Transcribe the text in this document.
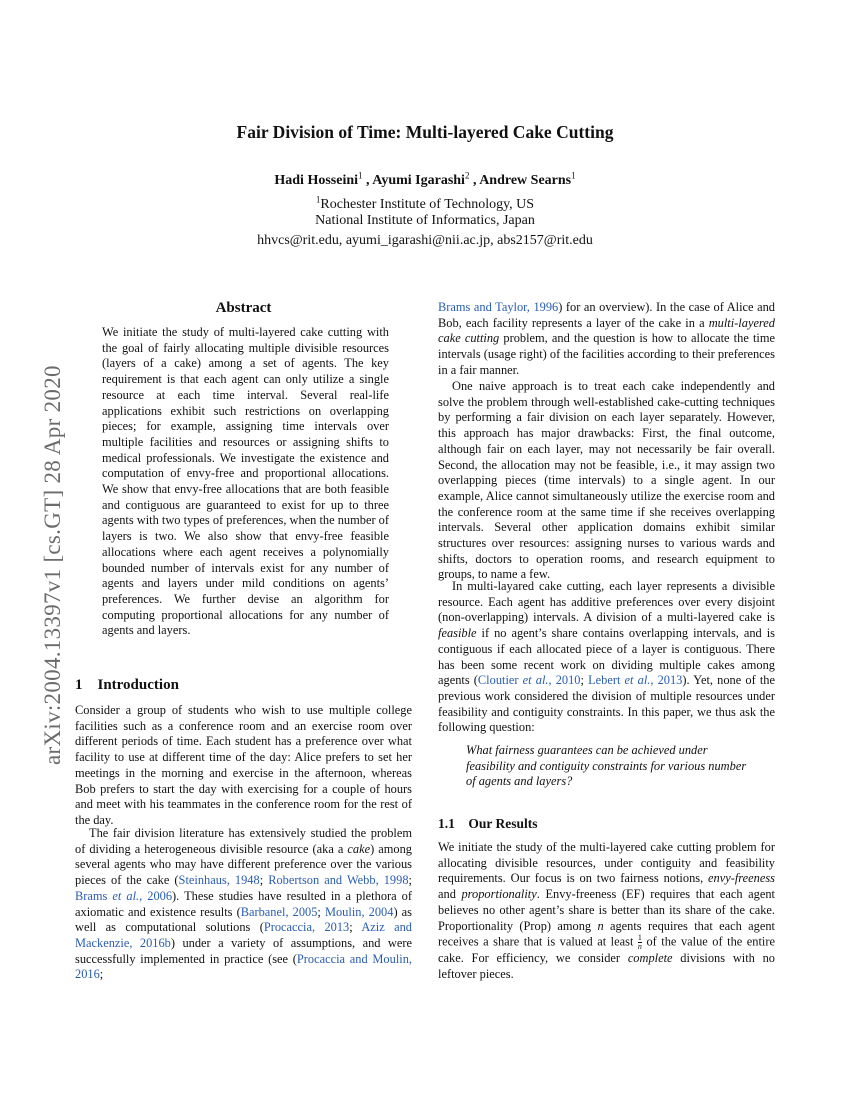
arXiv:2004.13397v1 [cs.GT] 28 Apr 2020
Fair Division of Time: Multi-layered Cake Cutting
Hadi Hosseini$^1$ , Ayumi Igarashi$^2$ , Andrew Searns$^1$
$^1$Rochester Institute of Technology, US
National Institute of Informatics, Japan
hhvcs@rit.edu, ayumi_igarashi@nii.ac.jp, abs2157@rit.edu
Abstract
We initiate the study of multi-layered cake cutting with the goal of fairly allocating multiple divisible resources (layers of a cake) among a set of agents. The key requirement is that each agent can only utilize a single resource at each time interval. Several real-life applications exhibit such restrictions on overlapping pieces; for example, assigning time intervals over multiple facilities and resources or assigning shifts to medical professionals. We investigate the existence and computation of envy-free and proportional allocations. We show that envy-free allocations that are both feasible and contiguous are guaranteed to exist for up to three agents with two types of preferences, when the number of layers is two. We also show that envy-free feasible allocations where each agent receives a polynomially bounded number of intervals exist for any number of agents and layers under mild conditions on agents’ preferences. We further devise an algorithm for computing proportional allocations for any number of agents and layers.
1 Introduction
Consider a group of students who wish to use multiple college facilities such as a conference room and an exercise room over different periods of time. Each student has a preference over what facility to use at different time of the day: Alice prefers to set her meetings in the morning and exercise in the afternoon, whereas Bob prefers to start the day with exercising for a couple of hours and meet with his teammates in the conference room for the rest of the day.
The fair division literature has extensively studied the problem of dividing a heterogeneous divisible resource (aka a cake) among several agents who may have different preference over the various pieces of the cake (Steinhaus, 1948; Robertson and Webb, 1998; Brams et al., 2006). These studies have resulted in a plethora of axiomatic and existence results (Barbanel, 2005; Moulin, 2004) as well as computational solutions (Procaccia, 2013; Aziz and Mackenzie, 2016b) under a variety of assumptions, and were successfully implemented in practice (see (Procaccia and Moulin, 2016;
Brams and Taylor, 1996) for an overview). In the case of Alice and Bob, each facility represents a layer of the cake in a multi-layered cake cutting problem, and the question is how to allocate the time intervals (usage right) of the facilities according to their preferences in a fair manner.
One naive approach is to treat each cake independently and solve the problem through well-established cake-cutting techniques by performing a fair division on each layer separately. However, this approach has major drawbacks: First, the final outcome, although fair on each layer, may not necessarily be fair overall. Second, the allocation may not be feasible, i.e., it may assign two overlapping pieces (time intervals) to a single agent. In our example, Alice cannot simultaneously utilize the exercise room and the conference room at the same time if she receives overlapping intervals. Several other application domains exhibit similar structures over resources: assigning nurses to various wards and shifts, doctors to operation rooms, and research equipment to groups, to name a few.
In multi-layared cake cutting, each layer represents a divisible resource. Each agent has additive preferences over every disjoint (non-overlapping) intervals. A division of a multi-layered cake is feasible if no agent’s share contains overlapping intervals, and is contiguous if each allocated piece of a layer is contiguous. There has been some recent work on dividing multiple cakes among agents (Cloutier et al., 2010; Lebert et al., 2013). Yet, none of the previous work considered the division of multiple resources under feasibility and contiguity constraints. In this paper, we thus ask the following question:
What fairness guarantees can be achieved under feasibility and contiguity constraints for various number of agents and layers?
1.1 Our Results
We initiate the study of the multi-layered cake cutting problem for allocating divisible resources, under contiguity and feasibility requirements. Our focus is on two fairness notions, envy-freeness and proportionality. Envy-freeness (EF) requires that each agent believes no other agent’s share is better than its share of the cake. Proportionality (Prop) among n agents requires that each agent receives a share that is valued at least $\frac{1}{n}$ of the value of the entire cake. For efficiency, we consider complete divisions with no leftover pieces.
